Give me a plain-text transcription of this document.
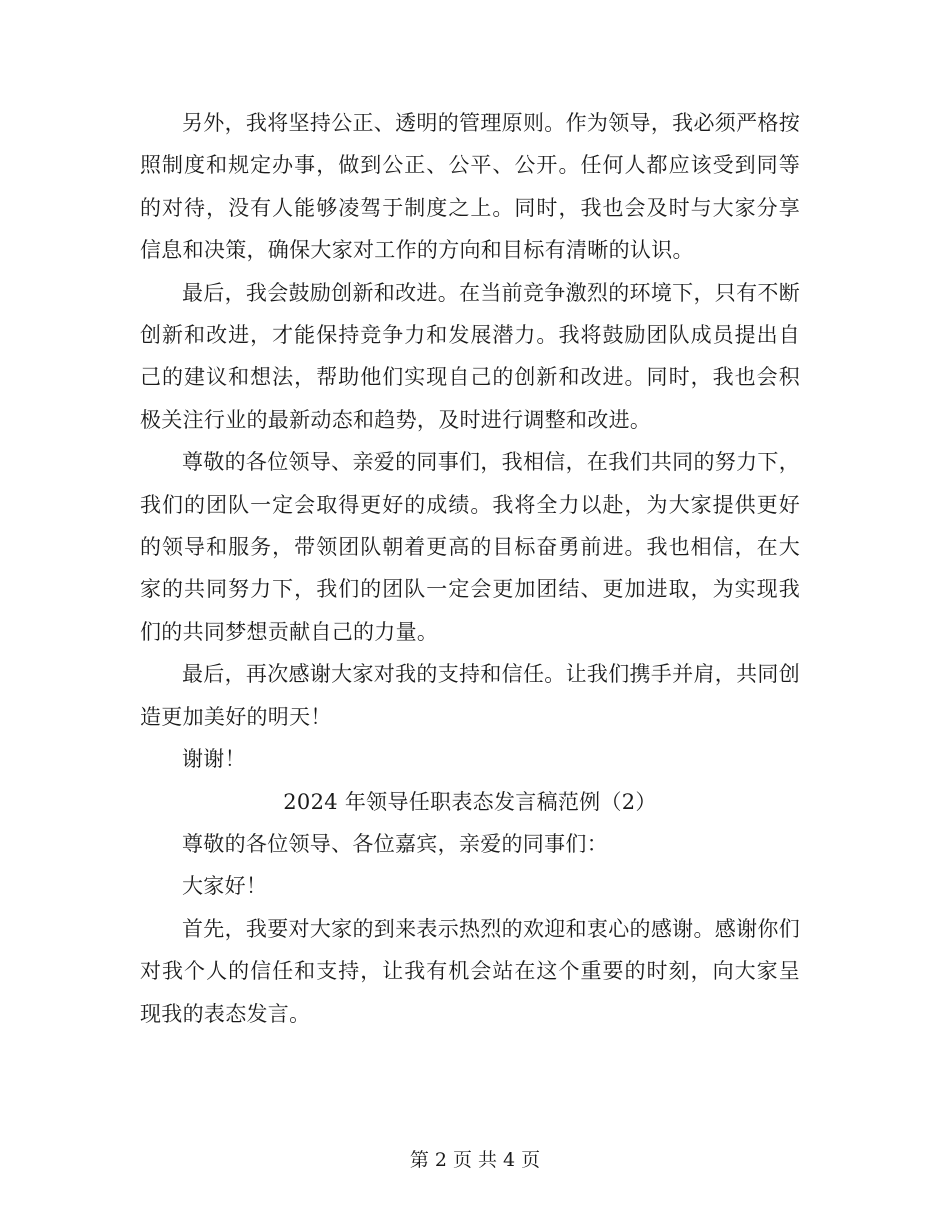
另外，我将坚持公正、透明的管理原则。作为领导，我必须严格按照制度和规定办事，做到公正、公平、公开。任何人都应该受到同等的对待，没有人能够凌驾于制度之上。同时，我也会及时与大家分享信息和决策，确保大家对工作的方向和目标有清晰的认识。

最后，我会鼓励创新和改进。在当前竞争激烈的环境下，只有不断创新和改进，才能保持竞争力和发展潜力。我将鼓励团队成员提出自己的建议和想法，帮助他们实现自己的创新和改进。同时，我也会积极关注行业的最新动态和趋势，及时进行调整和改进。

尊敬的各位领导、亲爱的同事们，我相信，在我们共同的努力下，我们的团队一定会取得更好的成绩。我将全力以赴，为大家提供更好的领导和服务，带领团队朝着更高的目标奋勇前进。我也相信，在大家的共同努力下，我们的团队一定会更加团结、更加进取，为实现我们的共同梦想贡献自己的力量。

最后，再次感谢大家对我的支持和信任。让我们携手并肩，共同创造更加美好的明天！

谢谢！

2024 年领导任职表态发言稿范例（2）

尊敬的各位领导、各位嘉宾，亲爱的同事们：

大家好！

首先，我要对大家的到来表示热烈的欢迎和衷心的感谢。感谢你们对我个人的信任和支持，让我有机会站在这个重要的时刻，向大家呈现我的表态发言。

第 2 页 共 4 页
